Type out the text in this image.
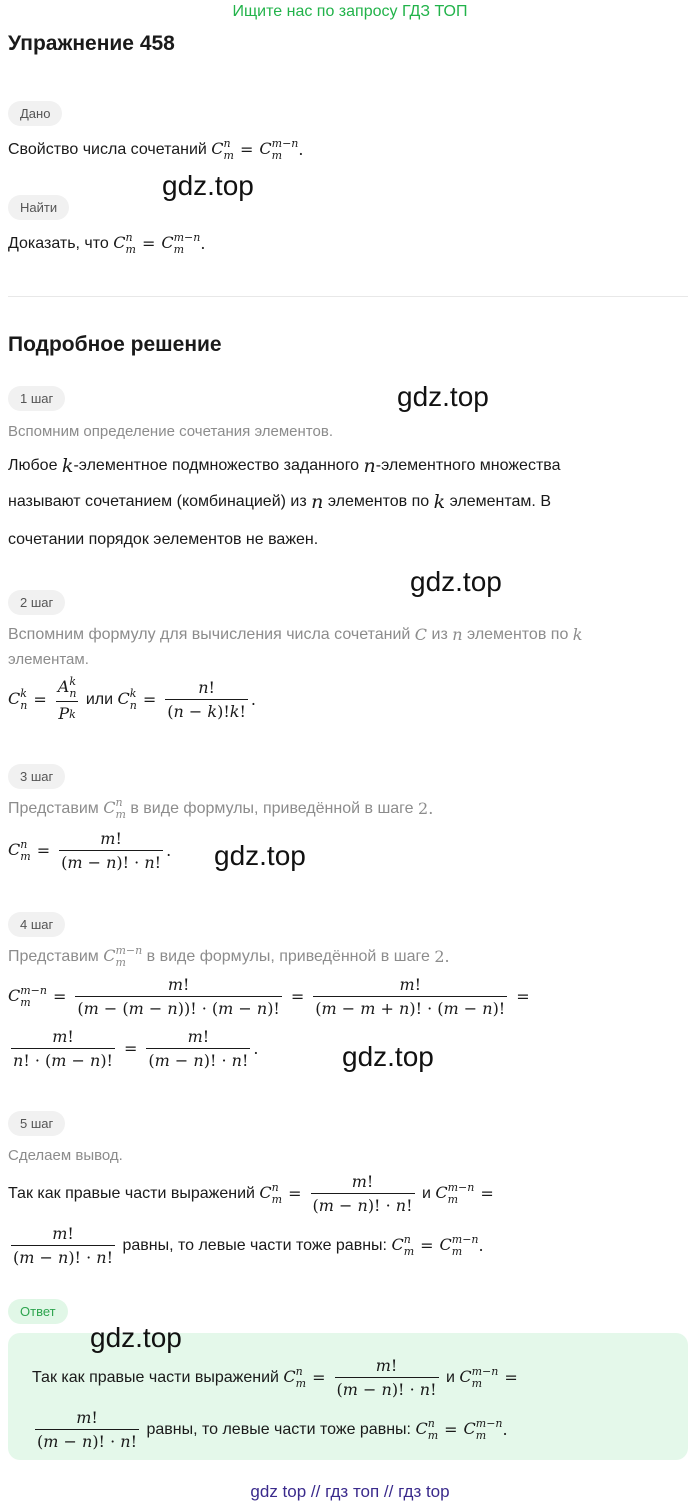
Ищите нас по запросу ГДЗ ТОП
Упражнение 458
Дано
Свойство числа сочетаний
C n
m = C m−n
m	.
gdz.top
Найти
Доказать, что
C n
m = C m−n
m	.
Подробное решение
1 шаг	gdz.top
Вспомним определение сочетания элементов.
Любое
k -элементное подмножество заданного
n -элементного множества
называют сочетанием (комбинацией) из
n
элементов по
k
элементам. В
сочетании порядок эелементов не важен.
gdz.top
2 шаг
Вспомним формулу для вычисления числа сочетаний
C
из
n
элементов по
k
элементам.
C k
n = A k
n
P k
или
C k
$n = \frac{n!}{(n - k)!k!}$ .
3 шаг
Представим
C n
m
в виде формулы, приведённой в шаге
2.
C n
$m = \frac{m!}{(m - n)! \cdot n!}$ . gdz.top
4 шаг
Представим
C m−n
m
	в виде формулы, приведённой в шаге
2.
C m−n
m	= $\frac{m!}{(m - (m - n))! \cdot (m - n)!} = \frac{m!}{(m - m + n)! \cdot (m - n)!}$ =
$\frac{m!}{n! \cdot (m - n)!} = \frac{m!}{(m - n)! \cdot n!}$ .	gdz.top
5 шаг
Сделаем вывод.
Так как правые части выражений
C n
$m = \frac{m!}{(m - n)! \cdot n!}$
и
C m−n
m	=
$\frac{m!}{(m - n)! \cdot n!}$
равны, то левые части тоже равны:
C n
m = C m−n
m	.
Ответ
gdz.top
Так как правые части выражений
C n
$m = \frac{m!}{(m - n)! \cdot n!}$
и
C m−n
m	=
$\frac{m!}{(m - n)! \cdot n!}$
равны, то левые части тоже равны:
C n
m = C m−n
m	.
gdz top // гдз топ // гдз top
